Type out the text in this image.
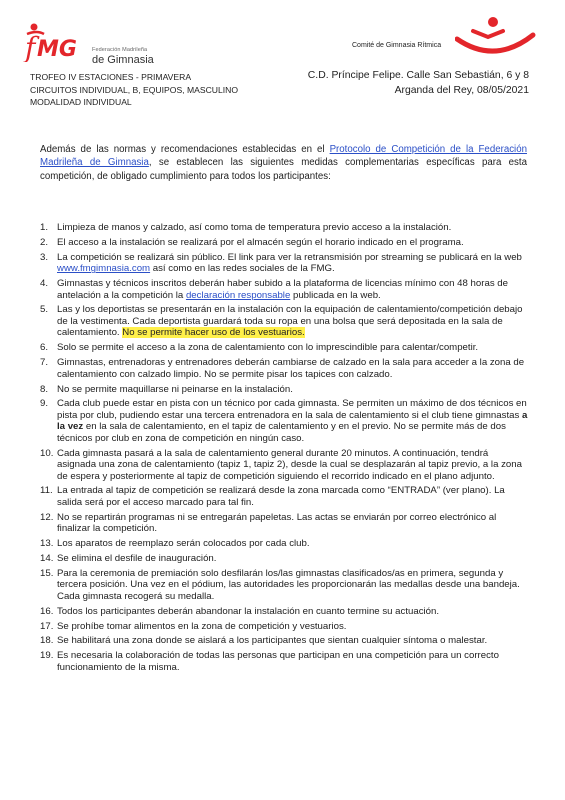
f MG	Federación Madrileña
de Gimnasia
Comité de Gimnasia Rítmica
TROFEO IV ESTACIONES - PRIMAVERA
CIRCUITOS INDIVIDUAL, B, EQUIPOS, MASCULINO
MODALIDAD INDIVIDUAL
C.D. Príncipe Felipe. Calle San Sebastián, 6 y 8
Arganda del Rey, 08/05/2021

Además de las normas y recomendaciones establecidas en el Protocolo de Competición de la Federación Madrileña de Gimnasia, se establecen las siguientes medidas complementarias específicas para esta competición, de obligado cumplimiento para todos los participantes:

1. Limpieza de manos y calzado, así como toma de temperatura previo acceso a la instalación.
2. El acceso a la instalación se realizará por el almacén según el horario indicado en el programa.
3. La competición se realizará sin público. El link para ver la retransmisión por streaming se publicará en la web www.fmgimnasia.com así como en las redes sociales de la FMG.
4. Gimnastas y técnicos inscritos deberán haber subido a la plataforma de licencias mínimo con 48 horas de antelación a la competición la declaración responsable publicada en la web.
5. Las y los deportistas se presentarán en la instalación con la equipación de calentamiento/competición debajo de la vestimenta. Cada deportista guardará toda su ropa en una bolsa que será depositada en la sala de calentamiento. No se permite hacer uso de los vestuarios.
6. Solo se permite el acceso a la zona de calentamiento con lo imprescindible para calentar/competir.
7. Gimnastas, entrenadoras y entrenadores deberán cambiarse de calzado en la sala para acceder a la zona de calentamiento con calzado limpio. No se permite pisar los tapices con calzado.
8. No se permite maquillarse ni peinarse en la instalación.
9. Cada club puede estar en pista con un técnico por cada gimnasta. Se permiten un máximo de dos técnicos en pista por club, pudiendo estar una tercera entrenadora en la sala de calentamiento si el club tiene gimnastas a la vez en la sala de calentamiento, en el tapiz de calentamiento y en el previo. No se permite más de dos técnicos por club en zona de competición en ningún caso.
10. Cada gimnasta pasará a la sala de calentamiento general durante 20 minutos. A continuación, tendrá asignada una zona de calentamiento (tapiz 1, tapiz 2), desde la cual se desplazarán al tapiz previo, a la zona de espera y posteriormente al tapiz de competición siguiendo el recorrido indicado en el plano adjunto.
11. La entrada al tapiz de competición se realizará desde la zona marcada como “ENTRADA” (ver plano). La salida será por el acceso marcado para tal fin.
12. No se repartirán programas ni se entregarán papeletas. Las actas se enviarán por correo electrónico al finalizar la competición.
13. Los aparatos de reemplazo serán colocados por cada club.
14. Se elimina el desfile de inauguración.
15. Para la ceremonia de premiación solo desfilarán los/las gimnastas clasificados/as en primera, segunda y tercera posición. Una vez en el pódium, las autoridades les proporcionarán las medallas desde una bandeja. Cada gimnasta recogerá su medalla.
16. Todos los participantes deberán abandonar la instalación en cuanto termine su actuación.
17. Se prohíbe tomar alimentos en la zona de competición y vestuarios.
18. Se habilitará una zona donde se aislará a los participantes que sientan cualquier síntoma o malestar.
19. Es necesaria la colaboración de todas las personas que participan en una competición para un correcto funcionamiento de la misma.
